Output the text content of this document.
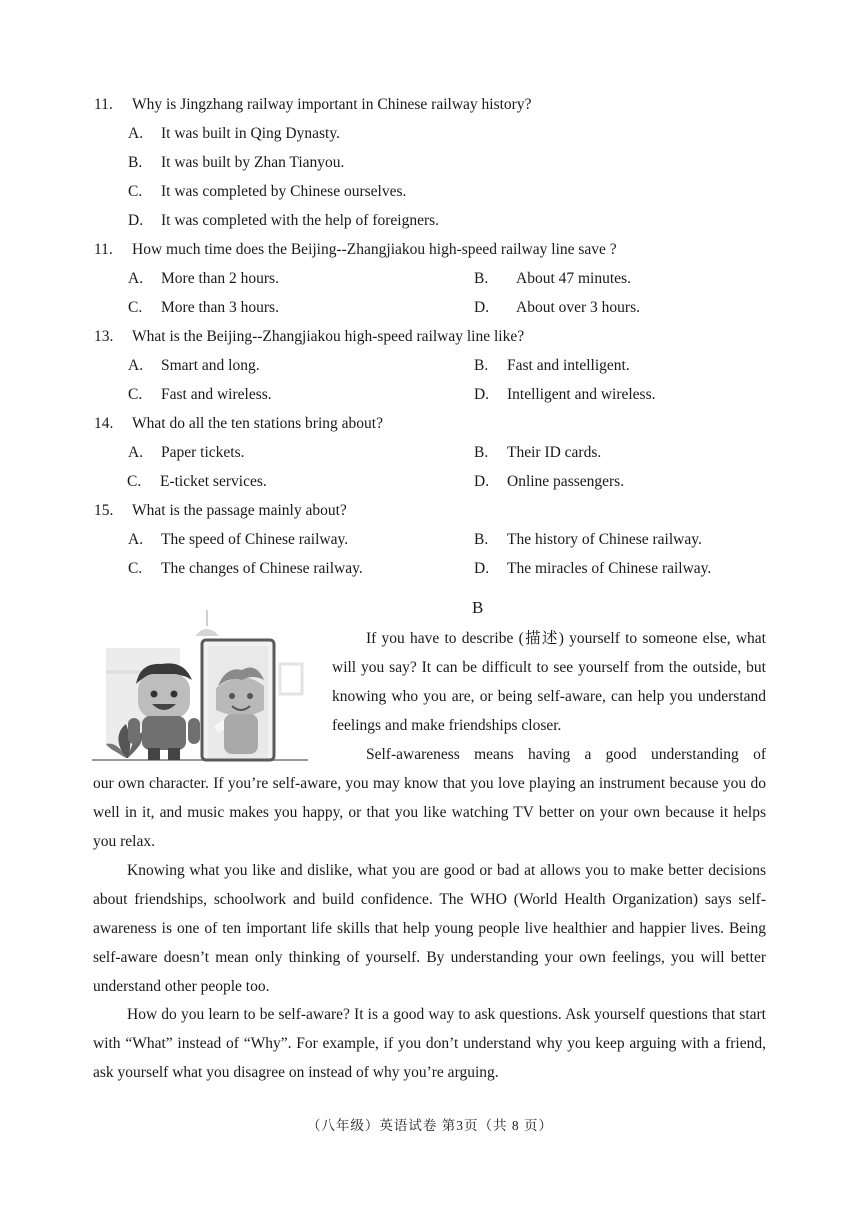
11. Why is Jingzhang railway important in Chinese railway history?
A. It was built in Qing Dynasty.
B. It was built by Zhan Tianyou.
C. It was completed by Chinese ourselves.
D. It was completed with the help of foreigners.
11. How much time does the Beijing--Zhangjiakou high-speed railway line save ?
A. More than 2 hours.	B. About 47 minutes.
C. More than 3 hours.	D. About over 3 hours.
13. What is the Beijing--Zhangjiakou high-speed railway line like?
A. Smart and long.	B. Fast and intelligent.
C. Fast and wireless.	D. Intelligent and wireless.
14. What do all the ten stations bring about?
A. Paper tickets.	B. Their ID cards.
C. E-ticket services.	D. Online passengers.
15. What is the passage mainly about?
A. The speed of Chinese railway.	B. The history of Chinese railway.
C. The changes of Chinese railway.	D. The miracles of Chinese railway.
B
If you have to describe (描述) yourself to someone else, what will you say? It can be difficult to see yourself from the outside, but knowing who you are, or being self-aware, can help you understand feelings and make friendships closer.
Self-awareness means having a good understanding of
our own character. If you’re self-aware, you may know that you love playing an instrument because you do well in it, and music makes you happy, or that you like watching TV better on your own because it helps you relax.
Knowing what you like and dislike, what you are good or bad at allows you to make better decisions about friendships, schoolwork and build confidence. The WHO (World Health Organization) says self-awareness is one of ten important life skills that help young people live healthier and happier lives. Being self-aware doesn’t mean only thinking of yourself. By understanding your own feelings, you will better understand other people too.
How do you learn to be self-aware? It is a good way to ask questions. Ask yourself questions that start with “What” instead of “Why”. For example, if you don’t understand why you keep arguing with a friend, ask yourself what you disagree on instead of why you’re arguing.
（八年级）英语试卷 第3页（共 8 页）
